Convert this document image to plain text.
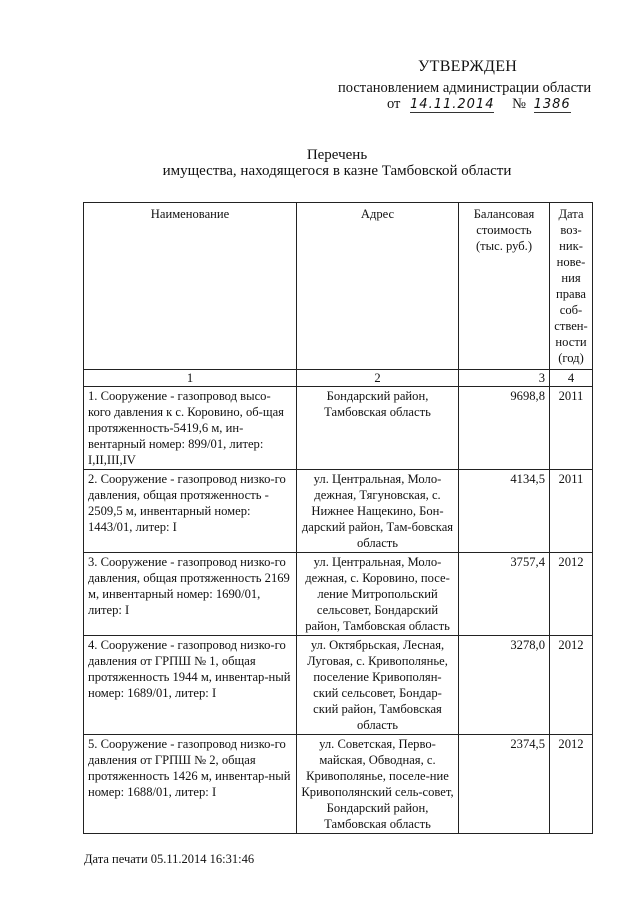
УТВЕРЖДЕН
постановлением администрации области
от 14.11.2014 № 1386
Перечень
имущества, находящегося в казне Тамбовской области
Наименование	Адрес	Балансовая стоимость (тыс. руб.)	Дата воз-ник-нове-ния права соб-ствен-ности (год)
1	2	3	4
1. Сооружение - газопровод высо-кого давления к с. Коровино, об-щая протяженность-5419,6 м, ин-вентарный номер: 899/01, литер: I,II,III,IV	Бондарский район, Тамбовская область	9698,8	2011
2. Сооружение - газопровод низко-го давления, общая протяженность - 2509,5 м, инвентарный номер: 1443/01, литер: I	ул. Центральная, Моло-дежная, Тягуновская, с. Нижнее Нащекино, Бон-дарский район, Там-бовская область	4134,5	2011
3. Сооружение - газопровод низко-го давления, общая протяженность 2169 м, инвентарный номер: 1690/01, литер: I	ул. Центральная, Моло-дежная, с. Коровино, посе-ление Митропольский сельсовет, Бондарский район, Тамбовская область	3757,4	2012
4. Сооружение - газопровод низко-го давления от ГРПШ № 1, общая протяженность 1944 м, инвентар-ный номер: 1689/01, литер: I	ул. Октябрьская, Лесная, Луговая, с. Кривополянье, поселение Кривополян-ский сельсовет, Бондар-ский район, Тамбовская область	3278,0	2012
5. Сооружение - газопровод низко-го давления от ГРПШ № 2, общая протяженность 1426 м, инвентар-ный номер: 1688/01, литер: I	ул. Советская, Перво-майская, Обводная, с. Кривополянье, поселе-ние Кривополянский сель-совет, Бондарский район, Тамбовская область	2374,5	2012
Дата печати 05.11.2014 16:31:46
